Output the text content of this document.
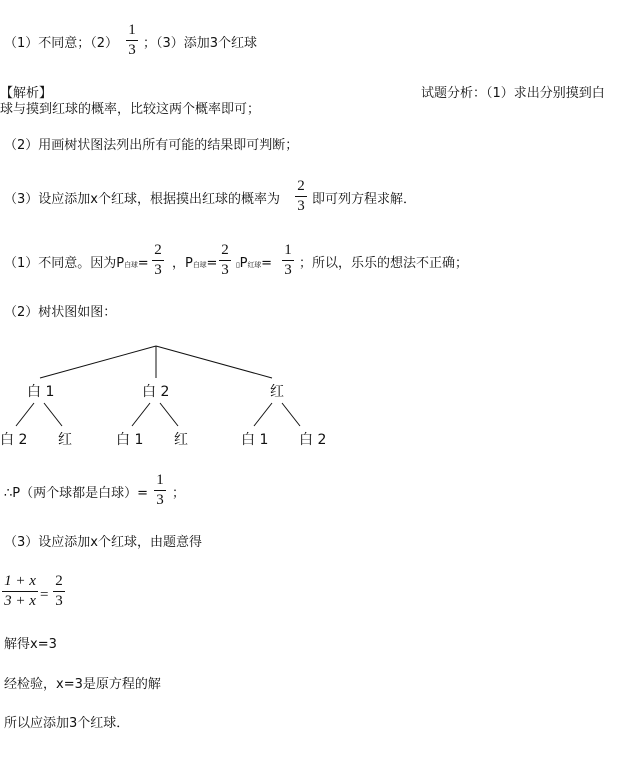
（1）不同意；（2）
1
3 ；（3）添加3个红球
【解析】	试题分析：（1）求出分别摸到白
球与摸到红球的概率，比较这两个概率即可；
（2）用画树状图法列出所有可能的结果即可判断；
（3）设应添加x个红球，根据摸出红球的概率为
2
3 即可列方程求解．
（1）不同意。因为P白球=
2
3 ，P白球=
2
3	▯P红球=
1
3 ；所以，乐乐的想法不正确；
（2）树状图如图：
白 1	白 2	红
白 2 红	白 1 红	白 1 白 2
∴P（两个球都是白球）=
1
3 ；
（3）设应添加x个红球，由题意得
1 + x
3 + x =
2
3
解得x=3
经检验，x=3是原方程的解
所以应添加3个红球．
